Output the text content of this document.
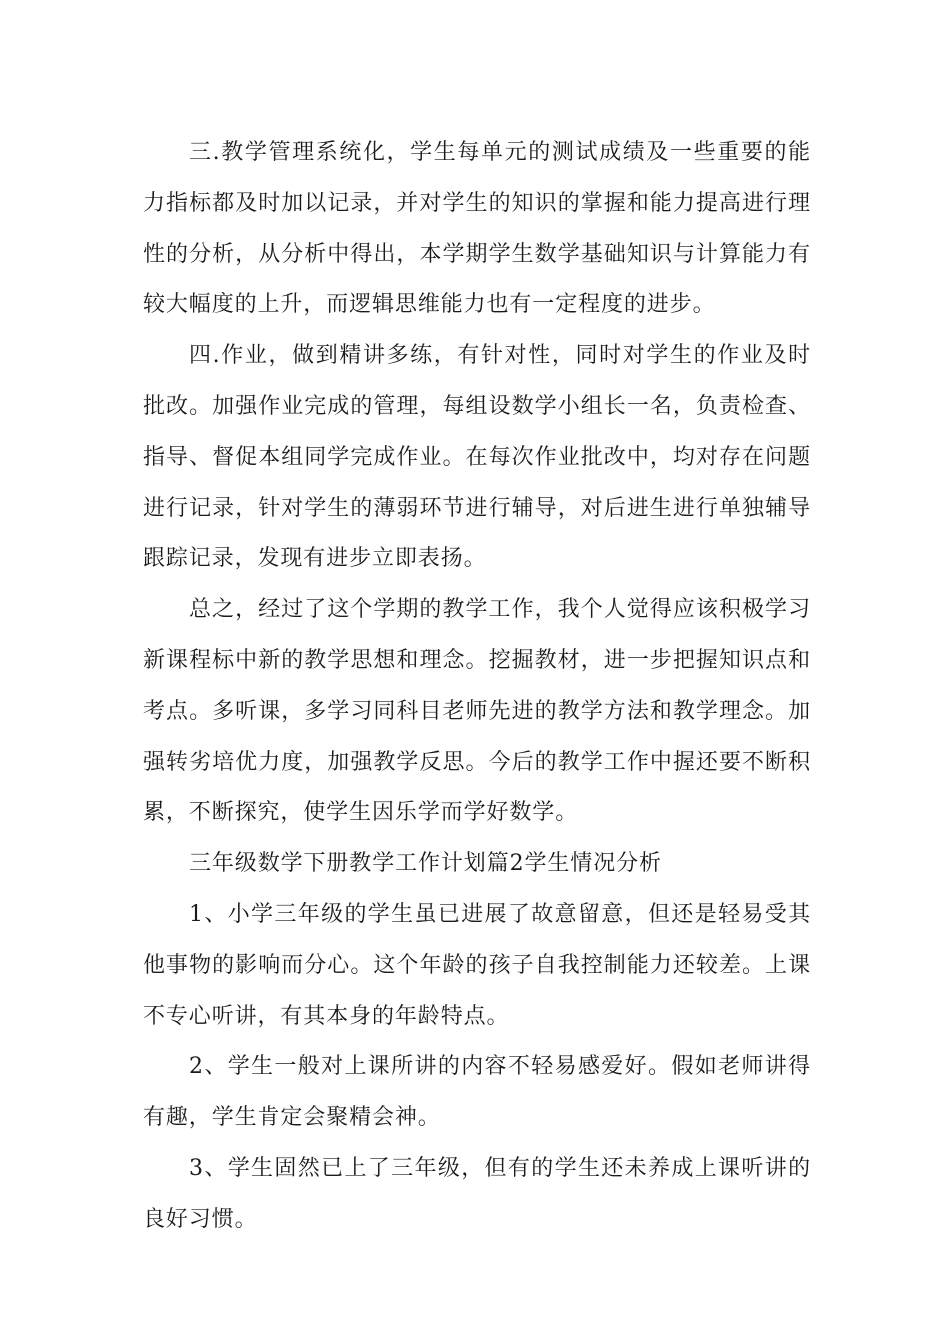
三.教学管理系统化，学生每单元的测试成绩及一些重要的能力指标都及时加以记录，并对学生的知识的掌握和能力提高进行理性的分析，从分析中得出，本学期学生数学基础知识与计算能力有较大幅度的上升，而逻辑思维能力也有一定程度的进步。

四.作业，做到精讲多练，有针对性，同时对学生的作业及时批改。加强作业完成的管理，每组设数学小组长一名，负责检查、指导、督促本组同学完成作业。在每次作业批改中，均对存在问题进行记录，针对学生的薄弱环节进行辅导，对后进生进行单独辅导跟踪记录，发现有进步立即表扬。

总之，经过了这个学期的教学工作，我个人觉得应该积极学习新课程标中新的教学思想和理念。挖掘教材，进一步把握知识点和考点。多听课，多学习同科目老师先进的教学方法和教学理念。加强转劣培优力度，加强教学反思。今后的教学工作中握还要不断积累，不断探究，使学生因乐学而学好数学。

三年级数学下册教学工作计划篇2学生情况分析

1、小学三年级的学生虽已进展了故意留意，但还是轻易受其他事物的影响而分心。这个年龄的孩子自我控制能力还较差。上课不专心听讲，有其本身的年龄特点。

2、学生一般对上课所讲的内容不轻易感爱好。假如老师讲得有趣，学生肯定会聚精会神。

3、学生固然已上了三年级，但有的学生还未养成上课听讲的良好习惯。
